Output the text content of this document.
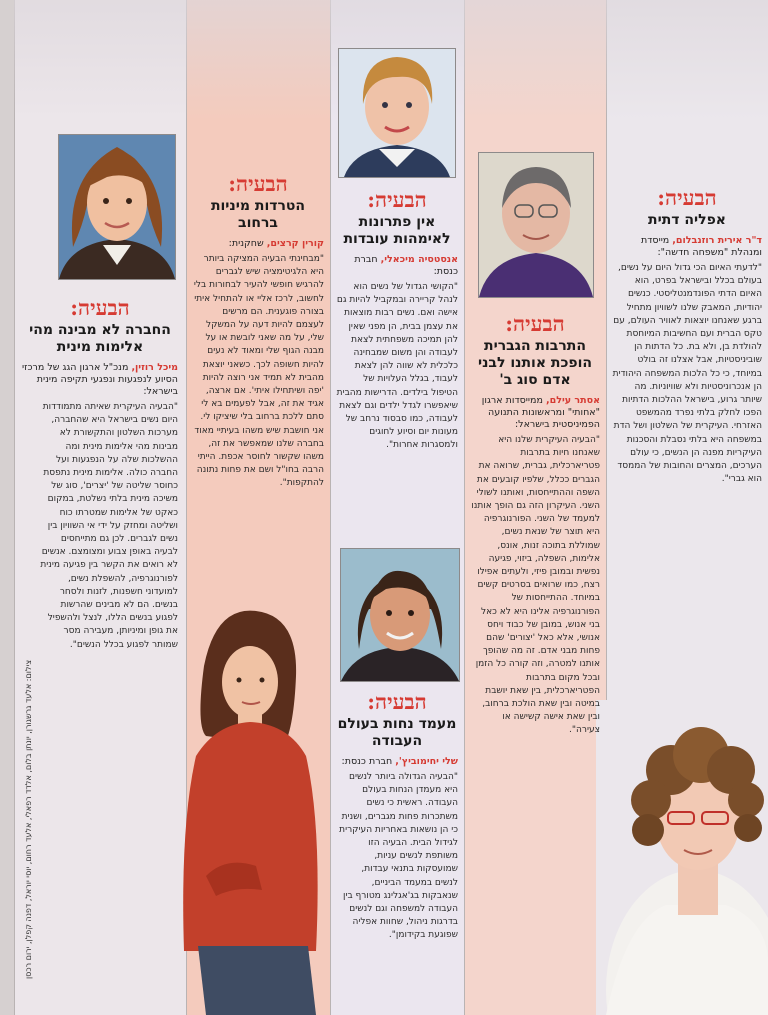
הבעיה:
אפליה דתית
ד"ר אירית רוזנבלום, מייסדת ומנהלת "משפחה חדשה":
"לדעתי האיום הכי גדול היום על נשים, בעולם בכלל ובישראל בפרט, הוא האיום הדתי הפונדמנטליסטי. כנשים יהודיות, המאבק שלנו לשוויון מתחיל ברגע שאנחנו יוצאות לאוויר העולם, עם טקס הברית ועם החשיבות המיוחסת להולדת בן, ולא בת. כל הדתות הן שוביניסטיות, אבל אצלנו זה בולט במיוחד, כי כל הלכות המשפחה היהודית הן אנכרוניסטיות ולא שוויוניות. מה שיותר גרוע, בישראל ההלכות הדתיות הפכו לחלק בלתי נפרד מהמשפט האזרחי. העיקרית של השלטון ושל הדת במשפחה היא בלתי נסבלת והסכנות העיקריות מפנה הן הנשים, כי עולם הערכים, המצרים והחובות של הממסד הוא גברי".
הבעיה:
התרבות הגברית הופכת אותנו לבני אדם סוג ב'
אסתר עילם, ממייסדות ארגון "אחותי" ומראשונות התנועה הפמיניסטית בישראל:
"הבעיה העיקרית שלנו היא שאנחנו חיות בתרבות פטריארכלית, גברית, שרואה את הגברים ככלל, שלפיו קובעים את השפה וההתייחסות, ואותנו לשולי השני. העיקרון הזה גם הופך אותנו למעמד של השני. הפורנוגרפיה היא תוצר של שנאת נשים, שמוללת בתוכה זנות, אונס, אלימות, השפלה, ביזוי, פגיעה נפשית ובמובן פיזי, ולעתים אפילו רצח, כמו שרואים בסרטים קשים במיוחד. ההתייחסות של הפורנוגרפיה אלינו היא לא כאל בני אנוש, במובן של כבוד ויחס אנושי, אלא כאל 'יצורים' שהם פחות מבני אדם. זה מה שהופך אותנו למטרה, וזה קורה כל הזמן ובכל מקום בתרבות הפטריארכלית, בין שאת יושבת במיטה ובין שאת הולכת ברחוב, ובין שאת אישה קשישה או צעירה".
הבעיה:
אין פתרונות לאימהות עובדות
אנסטסיה מיכאלי, חברת כנסת:
"הקושי הגדול של נשים הוא לנהל קריירה ובמקביל להיות גם אישה ואם. נשים רבות מוצאות את עצמן בבית, הן מפני שאין להן תמיכה משפחתית לצאת לעבודה והן משום שמבחינה כלכלית לא שווה להן לצאת לעבוד, בגלל העלויות של הטיפול בילדים. הדרישות מהבית שיאפשרו לגדל ילדים וגם לצאת לעבודה, כמו סבסוד נרחב של מעונות יום וסיוע לחוגים ולמסגרות אחרות".
הבעיה:
מעמד נחות בעולם העבודה
שלי יחימוביץ', חברת כנסת:
"הבעיה הגדולה ביותר לנשים היא מעמדן הנחות בעולם העבודה. ראשית כי נשים משתכרות פחות מגברים, ושנית כי הן נושאות באחריות העיקרית לגידול הבית. הבעיה הזו משותפת לנשים עניות, שמועסקות בתנאי עבדות, לנשים במעמד הביניים, שנאבקות בג'אגלינג מטורף בין העבודה למשפחה וגם לנשים בדרגות ניהול, שחוות אפליה שפוגעת בקידומן".
הבעיה:
הטרדות מיניות ברחוב
קורין קרצים, שחקנית:
"מבחינתי הבעיה המציקה ביותר היא הלגיטימציה שיש לגברים להרגיש חופשי להעיר לבחורות בלי לחשוב, לרכז אליי או להתחיל איתי בצורה פוגענית. הם מרשים לעצמם להיות דעה על המשקל שלי, על מה שאני לובשת או על מבנה הגוף שלי ומאוד לא נעים להיות חשופה לכך. כשאני יוצאת מהבית לא תמיד אני רוצה להיות 'יפה ושיתחילו איתי'. אם ארצה, אגיד את זה, אבל לפעמים בא לי סתם ללכת ברחוב בלי שיציקו לי. אני חושבת שיש משהו בעיתיי מאוד בחברה שלנו שמאפשר את זה, משהו שקשור לחוסר אכפת. הייתי הרבה בחו"ל ושם את פחות נתונה להתקפות".
הבעיה:
החברה לא מבינה מהי אלימות מינית
מיכל רוזין, מנכ"ל ארגון הגג של מרכזי הסיוע לנפגעות ונפגעי תקיפה מינית בישראל:
"הבעיה העיקרית שאיתה מתמודדות היום נשים בישראל היא שהחברה, מערכות השלטון והתקשורת לא מבינות מהי אלימות מינית ומה ההשלכות שלה על הנפגעות ועל החברה כולה. אלימות מינית נתפסת כחוסר שליטה של 'יצרים', סוג של משיכה מינית בלתי נשלטת, במקום כאקט של אלימות שמטרתו כוח ושליטה ומחזק על ידי אי השוויון בין נשים לגברים. לכן גם מתייחסים לבעיה באופן צבוע ומצומצם. אנשים לא רואים את הקשר בין פגיעה מינית לפורנוגרפיה, להשפלת נשים, למועדוני חשפנות, לזנות ולסחר בנשים. הם לא מבינים שהרשות לפגוע בנשים הללו, לנצל ולהשפיל את גופן ומיניותן, מעבירה מסר שמותר לפגוע בכלל הנשים".
צילום: אלעד גרשגורן, יונתן בלום, אלדד רפאלי, אלעד רחום, יוסי יוראל, דפנה קפלן, ירום רכסן
